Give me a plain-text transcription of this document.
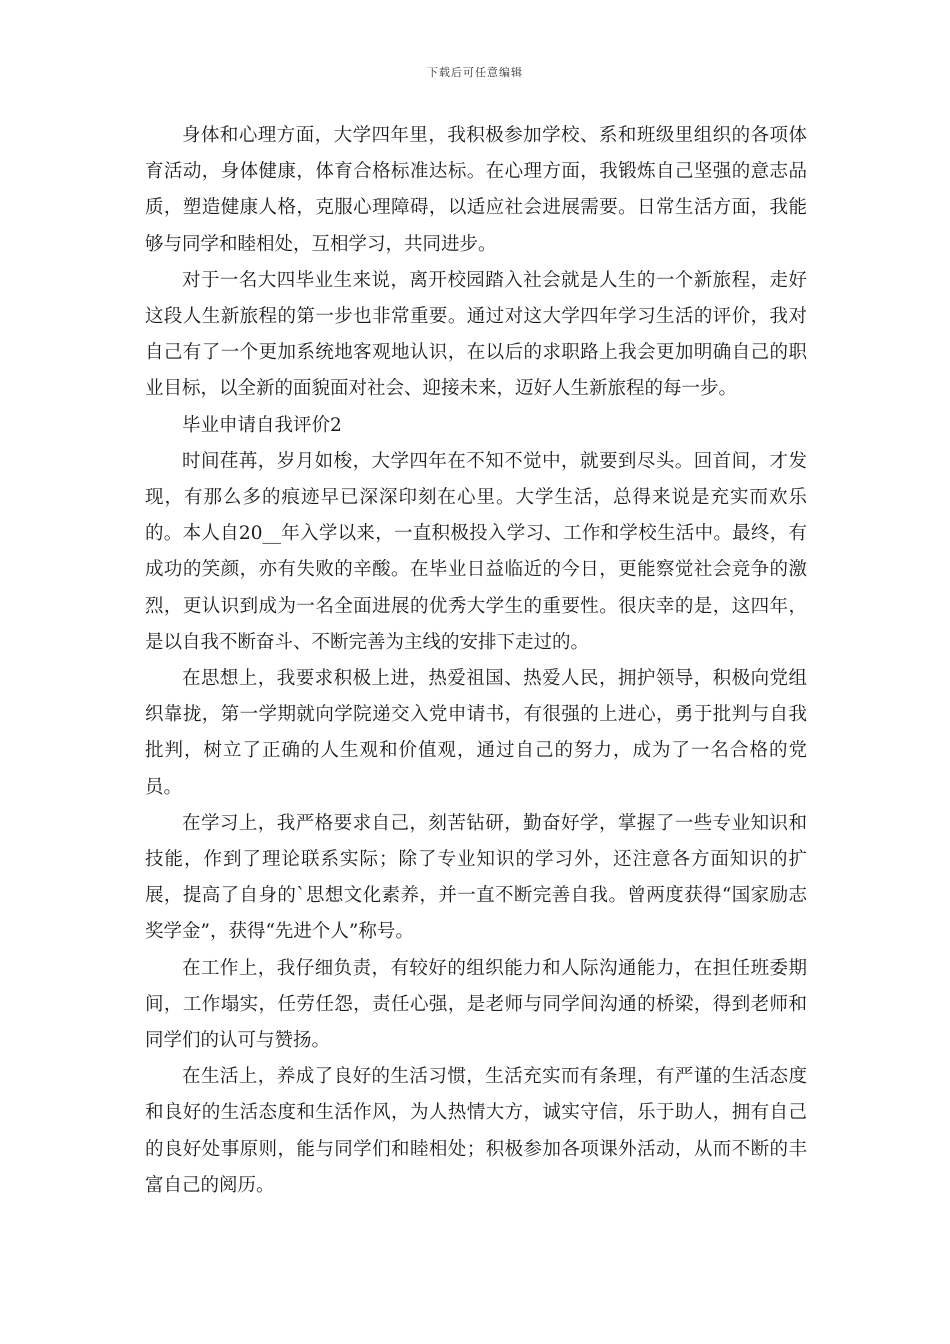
下载后可任意编辑

身体和心理方面，大学四年里，我积极参加学校、系和班级里组织的各项体育活动，身体健康，体育合格标准达标。在心理方面，我锻炼自己坚强的意志品质，塑造健康人格，克服心理障碍，以适应社会进展需要。日常生活方面，我能够与同学和睦相处，互相学习，共同进步。

对于一名大四毕业生来说，离开校园踏入社会就是人生的一个新旅程，走好这段人生新旅程的第一步也非常重要。通过对这大学四年学习生活的评价，我对自己有了一个更加系统地客观地认识，在以后的求职路上我会更加明确自己的职业目标，以全新的面貌面对社会、迎接未来，迈好人生新旅程的每一步。

毕业申请自我评价2

时间荏苒，岁月如梭，大学四年在不知不觉中，就要到尽头。回首间，才发现，有那么多的痕迹早已深深印刻在心里。大学生活，总得来说是充实而欢乐的。本人自20__年入学以来，一直积极投入学习、工作和学校生活中。最终，有成功的笑颜，亦有失败的辛酸。在毕业日益临近的今日，更能察觉社会竞争的激烈，更认识到成为一名全面进展的优秀大学生的重要性。很庆幸的是，这四年，是以自我不断奋斗、不断完善为主线的安排下走过的。

在思想上，我要求积极上进，热爱祖国、热爱人民，拥护领导，积极向党组织靠拢，第一学期就向学院递交入党申请书，有很强的上进心，勇于批判与自我批判，树立了正确的人生观和价值观，通过自己的努力，成为了一名合格的党员。

在学习上，我严格要求自己，刻苦钻研，勤奋好学，掌握了一些专业知识和技能，作到了理论联系实际；除了专业知识的学习外，还注意各方面知识的扩展，提高了自身的`思想文化素养，并一直不断完善自我。曾两度获得“国家励志奖学金”，获得“先进个人”称号。

在工作上，我仔细负责，有较好的组织能力和人际沟通能力，在担任班委期间，工作塌实，任劳任怨，责任心强，是老师与同学间沟通的桥梁，得到老师和同学们的认可与赞扬。

在生活上，养成了良好的生活习惯，生活充实而有条理，有严谨的生活态度和良好的生活态度和生活作风，为人热情大方，诚实守信，乐于助人，拥有自己的良好处事原则，能与同学们和睦相处；积极参加各项课外活动，从而不断的丰富自己的阅历。
